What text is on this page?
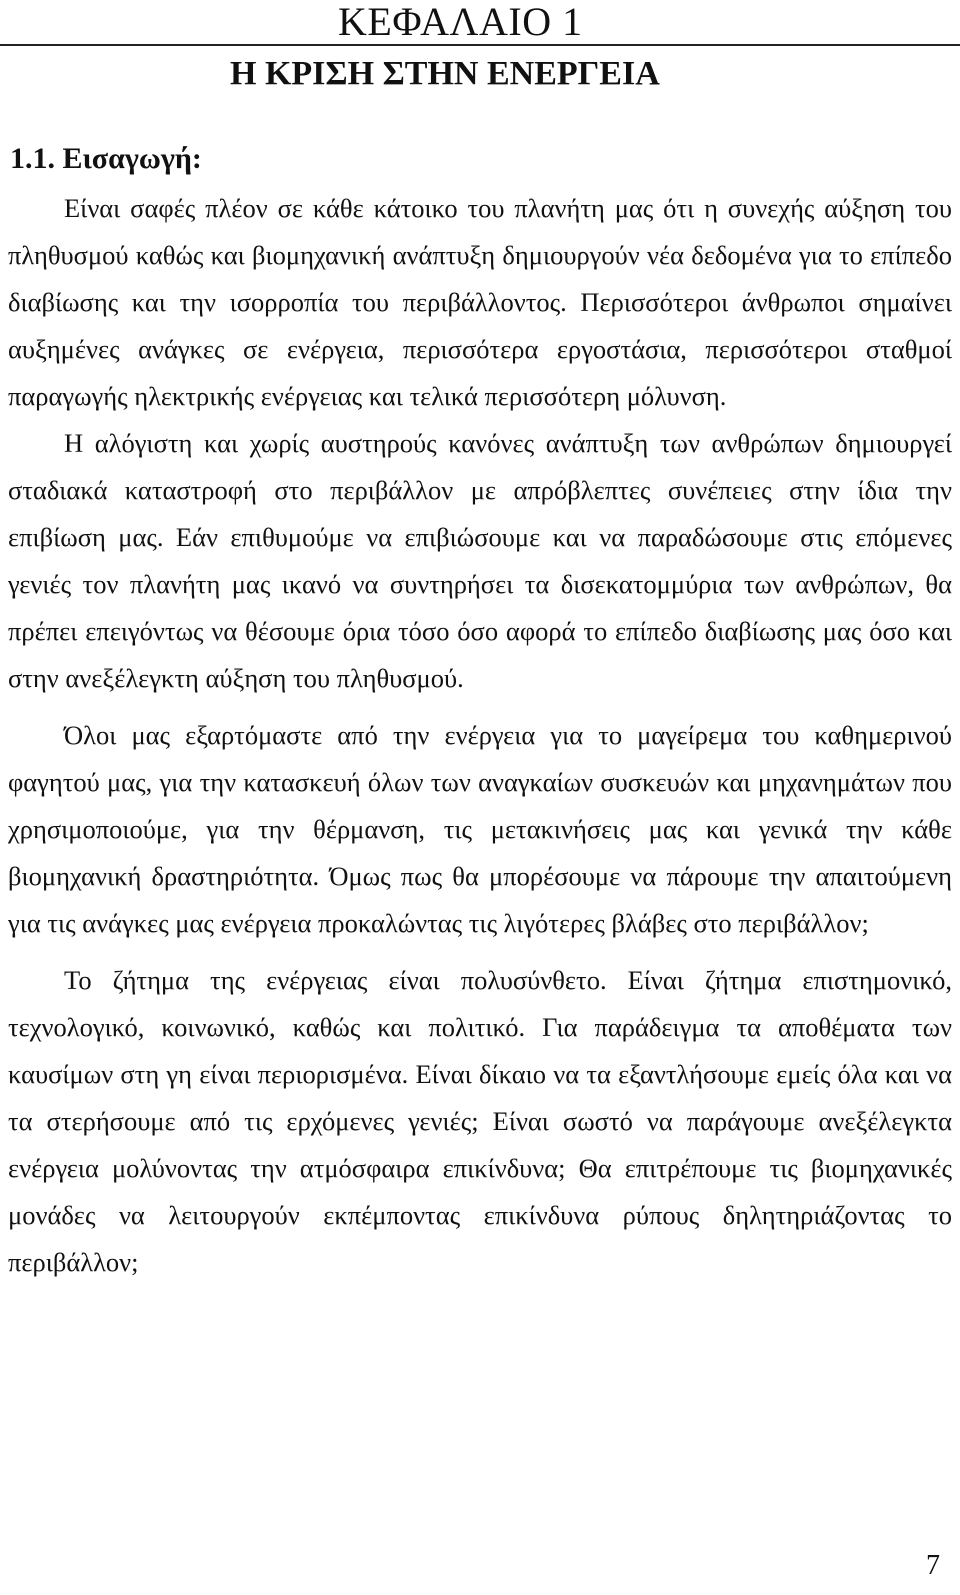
ΚΕΦΑΛΑΙΟ 1
Η ΚΡΙΣΗ ΣΤΗΝ ΕΝΕΡΓΕΙΑ
1.1. Εισαγωγή:

Είναι σαφές πλέον σε κάθε κάτοικο του πλανήτη μας ότι η συνεχής αύξηση του πληθυσμού καθώς και βιομηχανική ανάπτυξη δημιουργούν νέα δεδομένα για το επίπεδο διαβίωσης και την ισορροπία του περιβάλλοντος. Περισσότεροι άνθρωποι σημαίνει αυξημένες ανάγκες σε ενέργεια, περισσότερα εργοστάσια, περισσότεροι σταθμοί παραγωγής ηλεκτρικής ενέργειας και τελικά περισσότερη μόλυνση.

Η αλόγιστη και χωρίς αυστηρούς κανόνες ανάπτυξη των ανθρώπων δημιουργεί σταδιακά καταστροφή στο περιβάλλον με απρόβλεπτες συνέπειες στην ίδια την επιβίωση μας. Εάν επιθυμούμε να επιβιώσουμε και να παραδώσουμε στις επόμενες γενιές τον πλανήτη μας ικανό να συντηρήσει τα δισεκατομμύρια των ανθρώπων, θα πρέπει επειγόντως να θέσουμε όρια τόσο όσο αφορά το επίπεδο διαβίωσης μας όσο και στην ανεξέλεγκτη αύξηση του πληθυσμού.

Όλοι μας εξαρτόμαστε από την ενέργεια για το μαγείρεμα του καθημερινού φαγητού μας, για την κατασκευή όλων των αναγκαίων συσκευών και μηχανημάτων που χρησιμοποιούμε, για την θέρμανση, τις μετακινήσεις μας και γενικά την κάθε βιομηχανική δραστηριότητα. Όμως πως θα μπορέσουμε να πάρουμε την απαιτούμενη για τις ανάγκες μας ενέργεια προκαλώντας τις λιγότερες βλάβες στο περιβάλλον;

Το ζήτημα της ενέργειας είναι πολυσύνθετο. Είναι ζήτημα επιστημονικό, τεχνολογικό, κοινωνικό, καθώς και πολιτικό. Για παράδειγμα τα αποθέματα των καυσίμων στη γη είναι περιορισμένα. Είναι δίκαιο να τα εξαντλήσουμε εμείς όλα και να τα στερήσουμε από τις ερχόμενες γενιές; Είναι σωστό να παράγουμε ανεξέλεγκτα ενέργεια μολύνοντας την ατμόσφαιρα επικίνδυνα; Θα επιτρέπουμε τις βιομηχανικές μονάδες να λειτουργούν εκπέμποντας επικίνδυνα ρύπους δηλητηριάζοντας το περιβάλλον;

7
